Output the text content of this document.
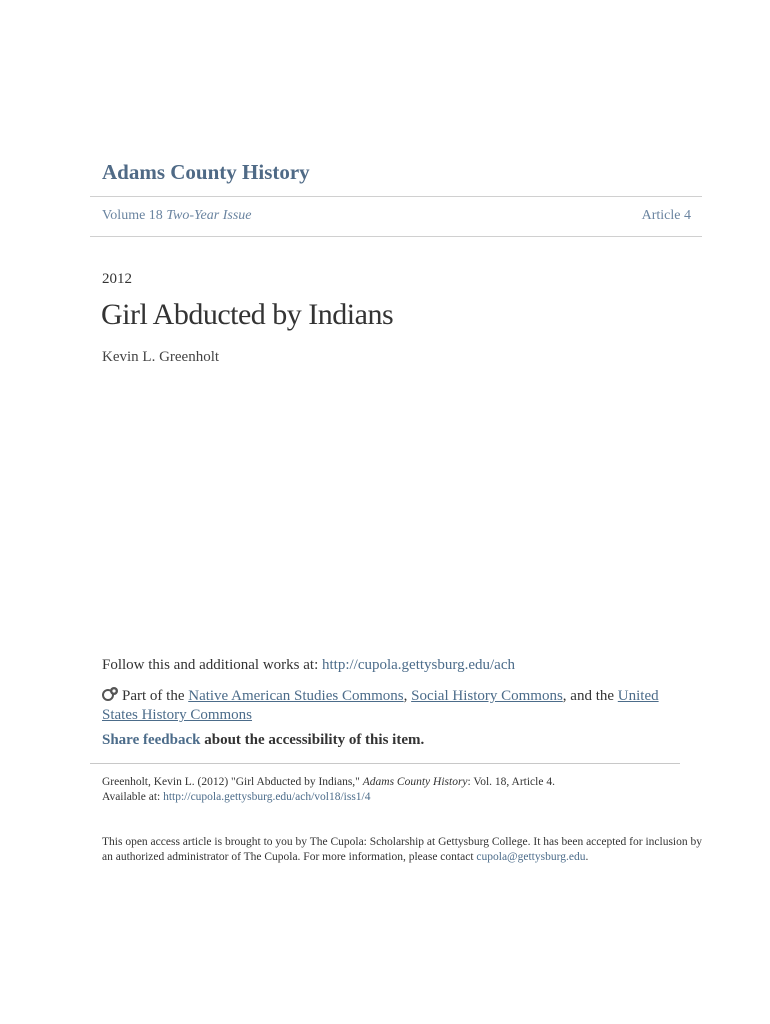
Adams County History
Volume 18 Two-Year Issue	Article 4
2012
Girl Abducted by Indians
Kevin L. Greenholt
Follow this and additional works at: http://cupola.gettysburg.edu/ach
Part of the Native American Studies Commons, Social History Commons, and the United States History Commons
Share feedback about the accessibility of this item.
Greenholt, Kevin L. (2012) "Girl Abducted by Indians," Adams County History: Vol. 18, Article 4.
Available at: http://cupola.gettysburg.edu/ach/vol18/iss1/4
This open access article is brought to you by The Cupola: Scholarship at Gettysburg College. It has been accepted for inclusion by an authorized administrator of The Cupola. For more information, please contact cupola@gettysburg.edu.
